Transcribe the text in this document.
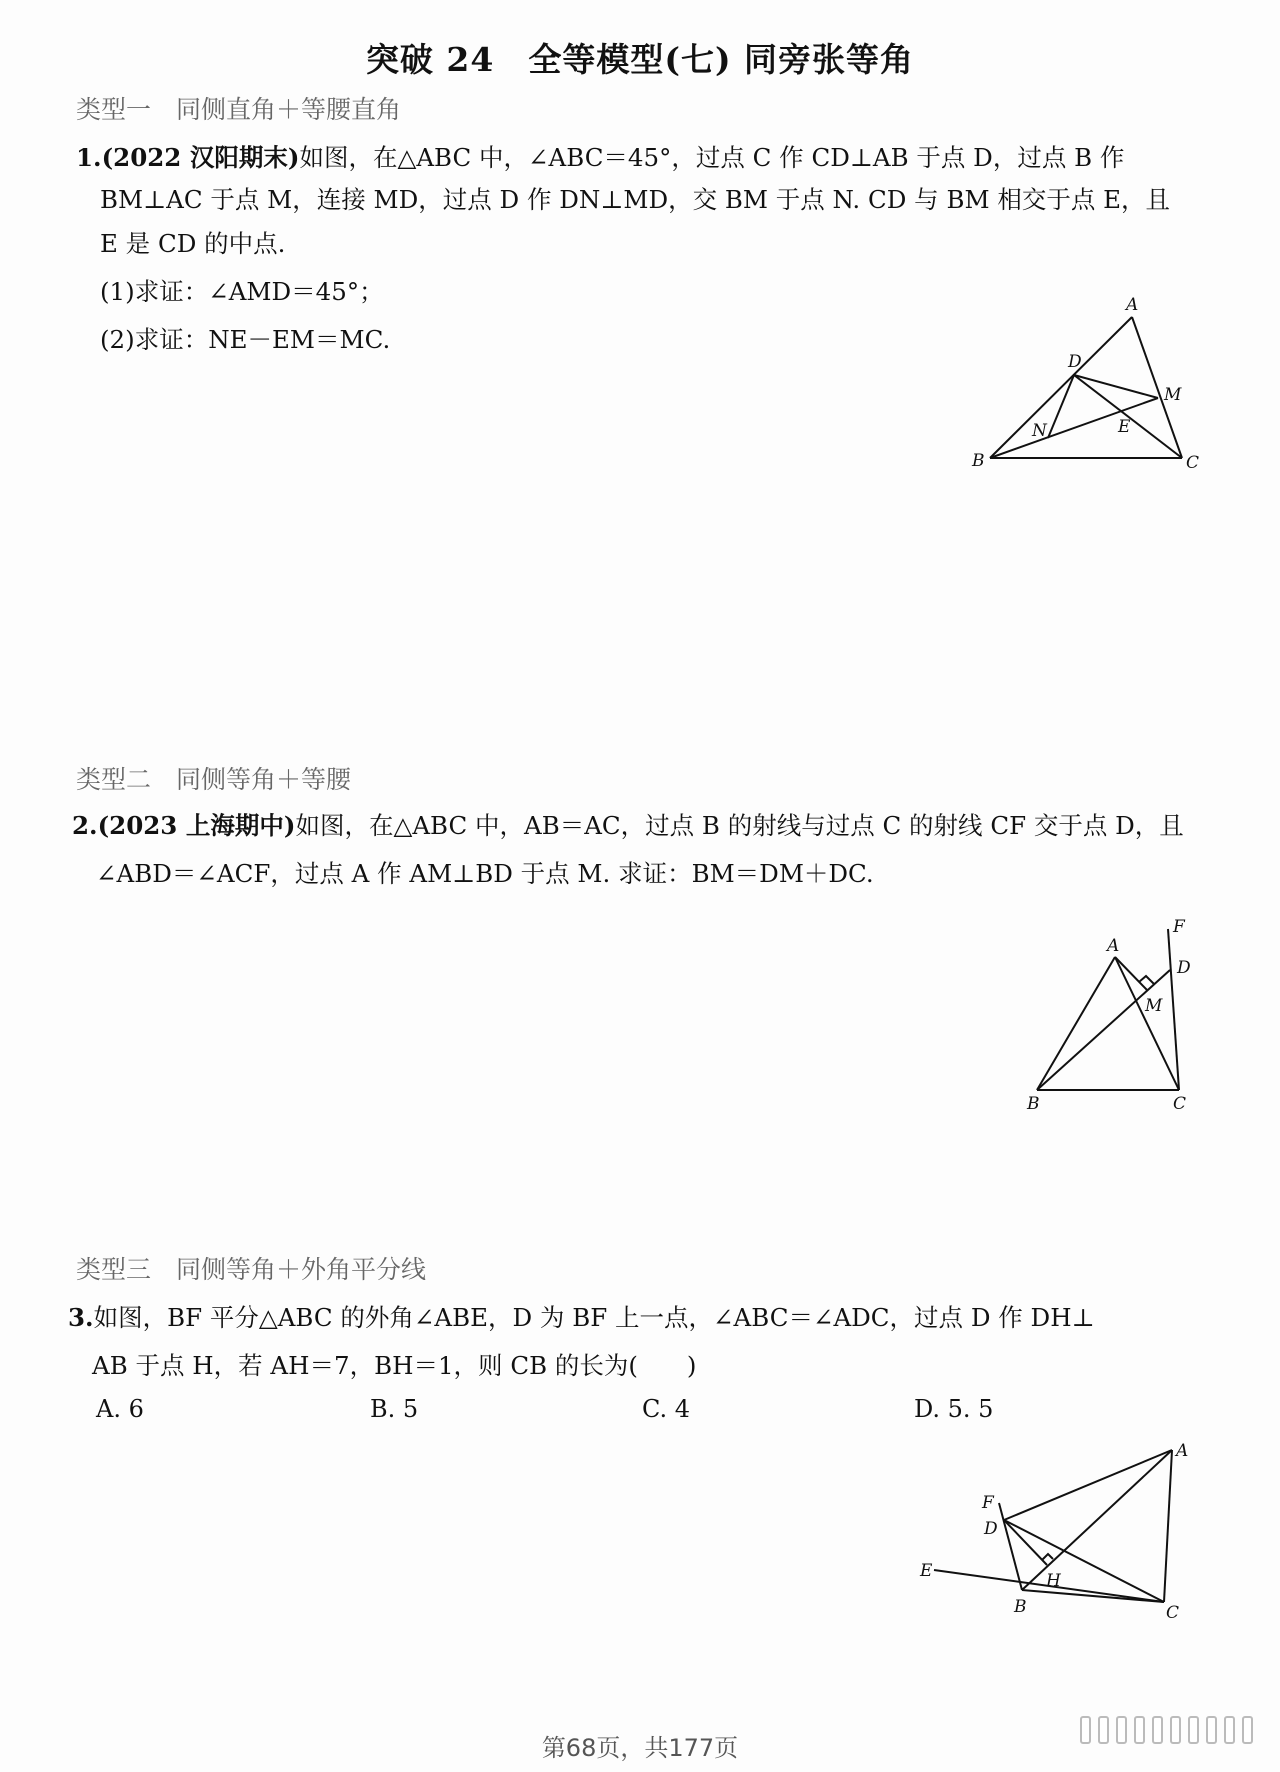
突破 24　全等模型(七) 同旁张等角
类型一　同侧直角＋等腰直角
1.(2022 汉阳期末)如图，在△ABC 中，∠ABC＝45°，过点 C 作 CD⊥AB 于点 D，过点 B 作
BM⊥AC 于点 M，连接 MD，过点 D 作 DN⊥MD，交 BM 于点 N. CD 与 BM 相交于点 E，且
E 是 CD 的中点.
(1)求证：∠AMD＝45°；
(2)求证：NE－EM＝MC.
A
D
M
N	E
B	C
类型二　同侧等角＋等腰
2.(2023 上海期中)如图，在△ABC 中，AB＝AC，过点 B 的射线与过点 C 的射线 CF 交于点 D，且
∠ABD＝∠ACF，过点 A 作 AM⊥BD 于点 M. 求证：BM＝DM＋DC.
A
F
D
M
B	C
类型三　同侧等角＋外角平分线
3.如图，BF 平分△ABC 的外角∠ABE，D 为 BF 上一点，∠ABC＝∠ADC，过点 D 作 DH⊥
AB 于点 H，若 AH＝7，BH＝1，则 CB 的长为(　　)
A. 6	B. 5	C. 4	D. 5. 5
A
F
D
H
E
B	C
第68页，共177页
